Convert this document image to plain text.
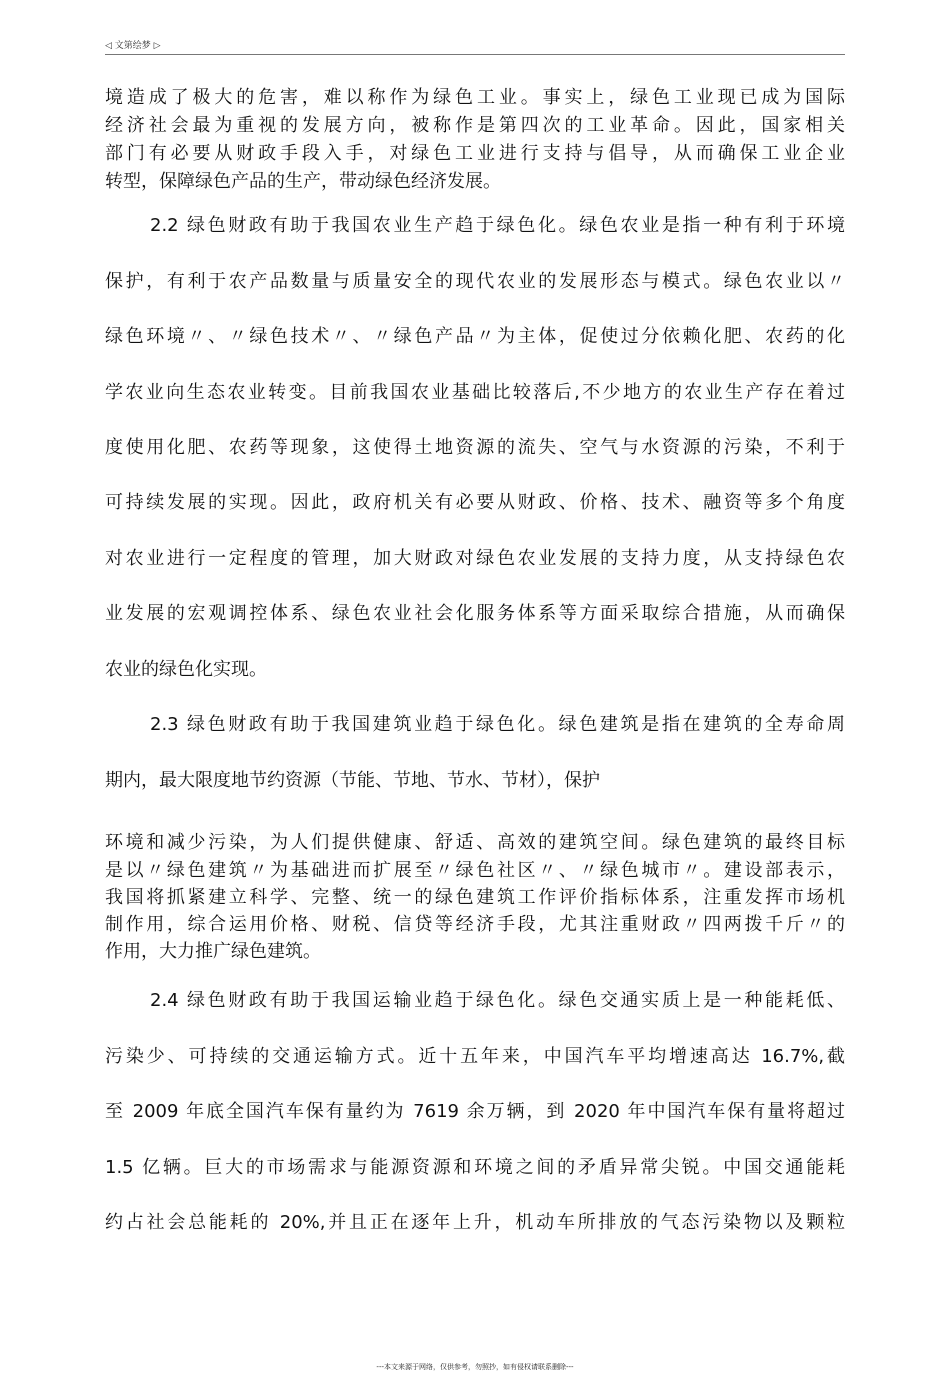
◁ 文第绘梦 ▷
境造成了极大的危害，难以称作为绿色工业。事实上，绿色工业现已成为国际
经济社会最为重视的发展方向，被称作是第四次的工业革命。因此，国家相关
部门有必要从财政手段入手，对绿色工业进行支持与倡导，从而确保工业企业
转型，保障绿色产品的生产，带动绿色经济发展。
2.2 绿色财政有助于我国农业生产趋于绿色化。绿色农业是指一种有利于环境
保护，有利于农产品数量与质量安全的现代农业的发展形态与模式。绿色农业以〃
绿色环境〃、〃绿色技术〃、〃绿色产品〃为主体，促使过分依赖化肥、农药的化
学农业向生态农业转变。目前我国农业基础比较落后,不少地方的农业生产存在着过
度使用化肥、农药等现象，这使得土地资源的流失、空气与水资源的污染，不利于
可持续发展的实现。因此，政府机关有必要从财政、价格、技术、融资等多个角度
对农业进行一定程度的管理，加大财政对绿色农业发展的支持力度，从支持绿色农
业发展的宏观调控体系、绿色农业社会化服务体系等方面采取综合措施，从而确保
农业的绿色化实现。
2.3 绿色财政有助于我国建筑业趋于绿色化。绿色建筑是指在建筑的全寿命周
期内，最大限度地节约资源（节能、节地、节水、节材），保护
环境和减少污染，为人们提供健康、舒适、高效的建筑空间。绿色建筑的最终目标
是以〃绿色建筑〃为基础进而扩展至〃绿色社区〃、〃绿色城市〃。建设部表示，
我国将抓紧建立科学、完整、统一的绿色建筑工作评价指标体系，注重发挥市场机
制作用，综合运用价格、财税、信贷等经济手段，尤其注重财政〃四两拨千斤〃的
作用，大力推广绿色建筑。
2.4 绿色财政有助于我国运输业趋于绿色化。绿色交通实质上是一种能耗低、
污染少、可持续的交通运输方式。近十五年来，中国汽车平均增速高达 16.7%,截
至 2009 年底全国汽车保有量约为 7619 余万辆，到 2020 年中国汽车保有量将超过
1.5 亿辆。巨大的市场需求与能源资源和环境之间的矛盾异常尖锐。中国交通能耗
约占社会总能耗的 20%,并且正在逐年上升，机动车所排放的气态污染物以及颗粒
---本文来源于网络，仅供参考，勿照抄，如有侵权请联系删除---
